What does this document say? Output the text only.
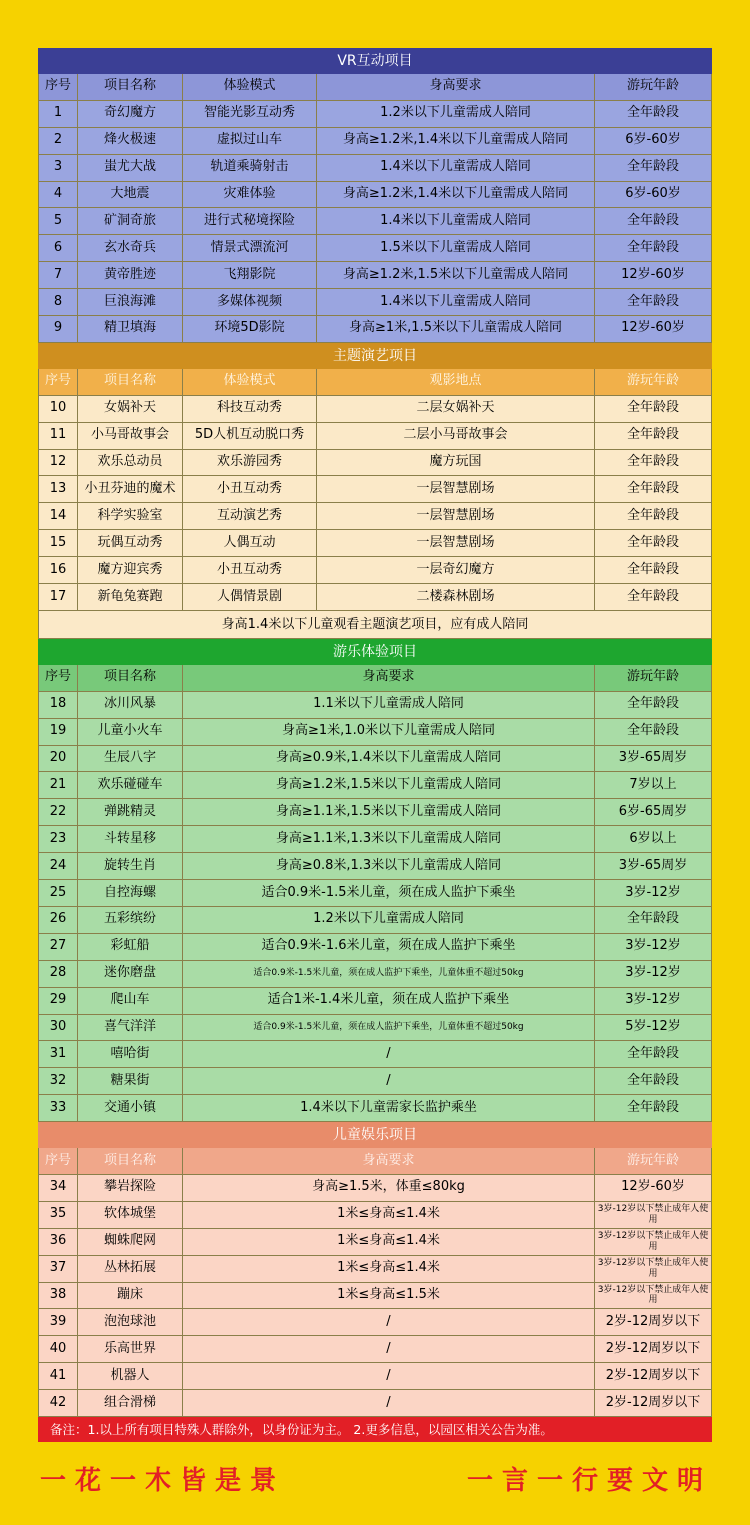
VR互动项目
序号	项目名称	体验模式	身高要求	游玩年龄
1	奇幻魔方	智能光影互动秀	1.2米以下儿童需成人陪同	全年龄段
2	烽火极速	虚拟过山车	身高≥1.2米,1.4米以下儿童需成人陪同	6岁-60岁
3	蚩尤大战	轨道乘骑射击	1.4米以下儿童需成人陪同	全年龄段
4	大地震	灾难体验	身高≥1.2米,1.4米以下儿童需成人陪同	6岁-60岁
5	矿洞奇旅	进行式秘境探险	1.4米以下儿童需成人陪同	全年龄段
6	玄水奇兵	情景式漂流河	1.5米以下儿童需成人陪同	全年龄段
7	黄帝胜迹	飞翔影院	身高≥1.2米,1.5米以下儿童需成人陪同	12岁-60岁
8	巨浪海滩	多媒体视频	1.4米以下儿童需成人陪同	全年龄段
9	精卫填海	环境5D影院	身高≥1米,1.5米以下儿童需成人陪同	12岁-60岁
主题演艺项目
序号	项目名称	体验模式	观影地点	游玩年龄
10	女娲补天	科技互动秀	二层女娲补天	全年龄段
11	小马哥故事会	5D人机互动脱口秀	二层小马哥故事会	全年龄段
12	欢乐总动员	欢乐游园秀	魔方玩国	全年龄段
13	小丑芬迪的魔术	小丑互动秀	一层智慧剧场	全年龄段
14	科学实验室	互动演艺秀	一层智慧剧场	全年龄段
15	玩偶互动秀	人偶互动	一层智慧剧场	全年龄段
16	魔方迎宾秀	小丑互动秀	一层奇幻魔方	全年龄段
17	新龟兔赛跑	人偶情景剧	二楼森林剧场	全年龄段
身高1.4米以下儿童观看主题演艺项目，应有成人陪同
游乐体验项目
序号	项目名称	身高要求	游玩年龄
18	冰川风暴	1.1米以下儿童需成人陪同	全年龄段
19	儿童小火车	身高≥1米,1.0米以下儿童需成人陪同	全年龄段
20	生辰八字	身高≥0.9米,1.4米以下儿童需成人陪同	3岁-65周岁
21	欢乐碰碰车	身高≥1.2米,1.5米以下儿童需成人陪同	7岁以上
22	弹跳精灵	身高≥1.1米,1.5米以下儿童需成人陪同	6岁-65周岁
23	斗转星移	身高≥1.1米,1.3米以下儿童需成人陪同	6岁以上
24	旋转生肖	身高≥0.8米,1.3米以下儿童需成人陪同	3岁-65周岁
25	自控海螺	适合0.9米-1.5米儿童，须在成人监护下乘坐	3岁-12岁
26	五彩缤纷	1.2米以下儿童需成人陪同	全年龄段
27	彩虹船	适合0.9米-1.6米儿童，须在成人监护下乘坐	3岁-12岁
28	迷你磨盘	适合0.9米-1.5米儿童，须在成人监护下乘坐，儿童体重不超过50kg	3岁-12岁
29	爬山车	适合1米-1.4米儿童，须在成人监护下乘坐	3岁-12岁
30	喜气洋洋	适合0.9米-1.5米儿童，须在成人监护下乘坐，儿童体重不超过50kg	5岁-12岁
31	嘻哈街	/	全年龄段
32	糖果街	/	全年龄段
33	交通小镇	1.4米以下儿童需家长监护乘坐	全年龄段
儿童娱乐项目
序号	项目名称	身高要求	游玩年龄
34	攀岩探险	身高≥1.5米，体重≤80kg	12岁-60岁
35	软体城堡	1米≤身高≤1.4米	3岁-12岁以下禁止成年人使用
36	蜘蛛爬网	1米≤身高≤1.4米	3岁-12岁以下禁止成年人使用
37	丛林拓展	1米≤身高≤1.4米	3岁-12岁以下禁止成年人使用
38	蹦床	1米≤身高≤1.5米	3岁-12岁以下禁止成年人使用
39	泡泡球池	/	2岁-12周岁以下
40	乐高世界	/	2岁-12周岁以下
41	机器人	/	2岁-12周岁以下
42	组合滑梯	/	2岁-12周岁以下
备注：1.以上所有项目特殊人群除外，以身份证为主。 2.更多信息，以园区相关公告为准。
一花一木皆是景	一言一行要文明
